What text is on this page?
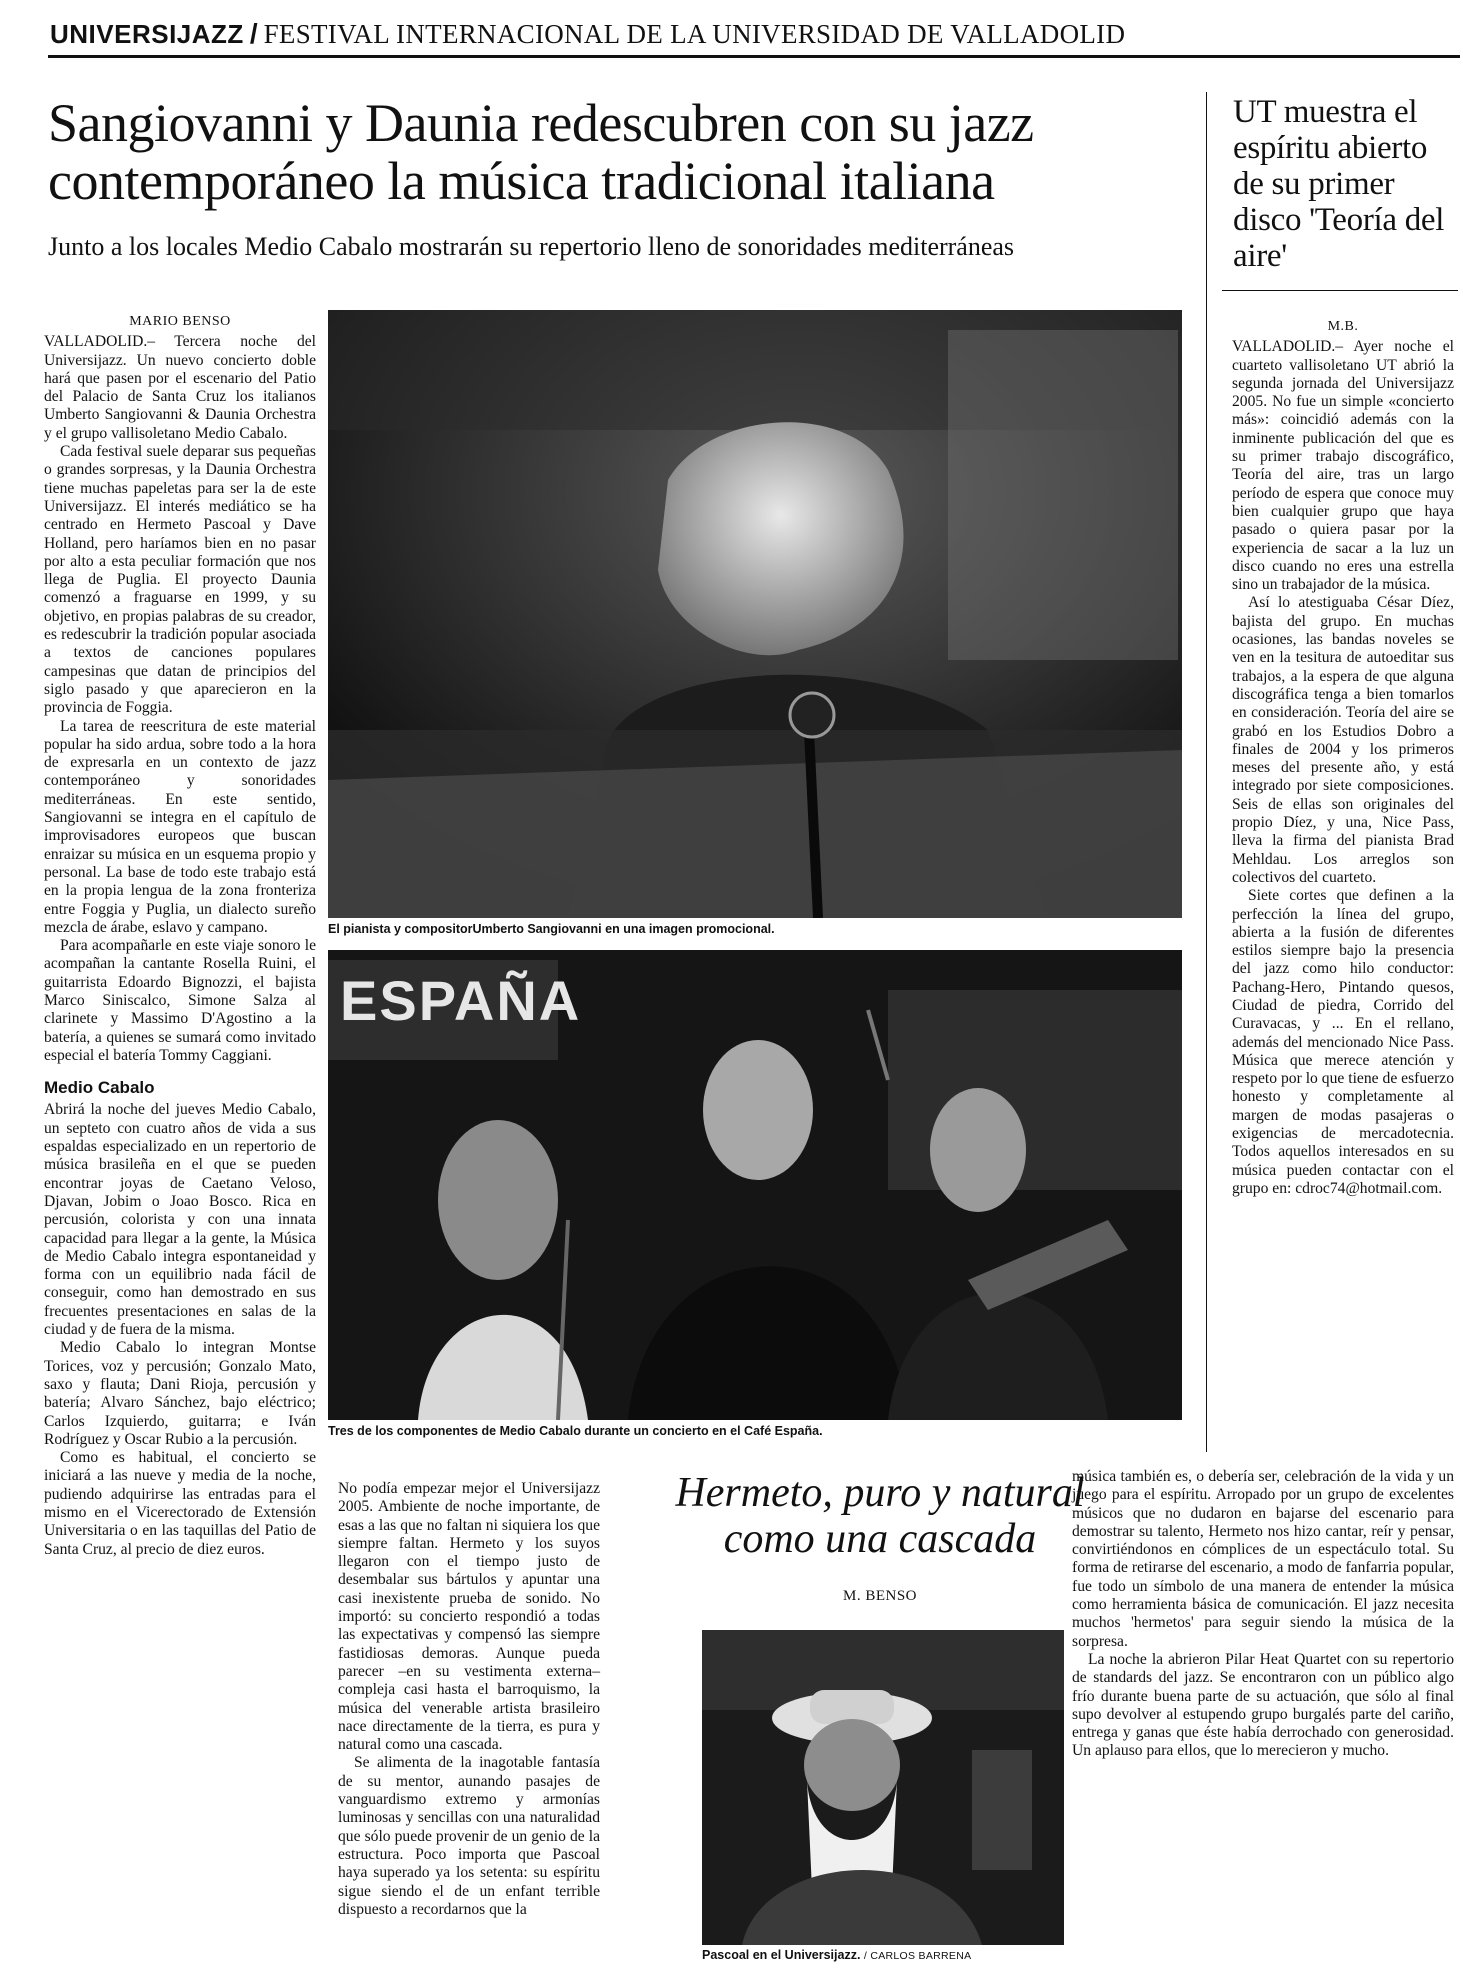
UNIVERSIJAZZ / FESTIVAL INTERNACIONAL DE LA UNIVERSIDAD DE VALLADOLID
Sangiovanni y Daunia redescubren con su jazz
contemporáneo la música tradicional italiana
Junto a los locales Medio Cabalo mostrarán su repertorio lleno de sonoridades mediterráneas
UT muestra el espíritu abierto de su primer disco 'Teoría del aire'
MARIO BENSO

VALLADOLID.– Tercera noche del Universijazz. Un nuevo concierto doble hará que pasen por el escenario del Patio del Palacio de Santa Cruz los italianos Umberto Sangiovanni & Daunia Orchestra y el grupo vallisoletano Medio Cabalo.

Cada festival suele deparar sus pequeñas o grandes sorpresas, y la Daunia Orchestra tiene muchas papeletas para ser la de este Universijazz. El interés mediático se ha centrado en Hermeto Pascoal y Dave Holland, pero haríamos bien en no pasar por alto a esta peculiar formación que nos llega de Puglia. El proyecto Daunia comenzó a fraguarse en 1999, y su objetivo, en propias palabras de su creador, es redescubrir la tradición popular asociada a textos de canciones populares campesinas que datan de principios del siglo pasado y que aparecieron en la provincia de Foggia.

La tarea de reescritura de este material popular ha sido ardua, sobre todo a la hora de expresarla en un contexto de jazz contemporáneo y sonoridades mediterráneas. En este sentido, Sangiovanni se integra en el capítulo de improvisadores europeos que buscan enraizar su música en un esquema propio y personal. La base de todo este trabajo está en la propia lengua de la zona fronteriza entre Foggia y Puglia, un dialecto sureño mezcla de árabe, eslavo y campano.

Para acompañarle en este viaje sonoro le acompañan la cantante Rosella Ruini, el guitarrista Edoardo Bignozzi, el bajista Marco Siniscalco, Simone Salza al clarinete y Massimo D'Agostino a la batería, a quienes se sumará como invitado especial el batería Tommy Caggiani.

Medio Cabalo

Abrirá la noche del jueves Medio Cabalo, un septeto con cuatro años de vida a sus espaldas especializado en un repertorio de música brasileña en el que se pueden encontrar joyas de Caetano Veloso, Djavan, Jobim o Joao Bosco. Rica en percusión, colorista y con una innata capacidad para llegar a la gente, la Música de Medio Cabalo integra espontaneidad y forma con un equilibrio nada fácil de conseguir, como han demostrado en sus frecuentes presentaciones en salas de la ciudad y de fuera de la misma.

Medio Cabalo lo integran Montse Torices, voz y percusión; Gonzalo Mato, saxo y flauta; Dani Rioja, percusión y batería; Alvaro Sánchez, bajo eléctrico; Carlos Izquierdo, guitarra; e Iván Rodríguez y Oscar Rubio a la percusión.

Como es habitual, el concierto se iniciará a las nueve y media de la noche, pudiendo adquirirse las entradas para el mismo en el Vicerectorado de Extensión Universitaria o en las taquillas del Patio de Santa Cruz, al precio de diez euros.

El pianista y compositorUmberto Sangiovanni en una imagen promocional.
ESPAÑA
Tres de los componentes de Medio Cabalo durante un concierto en el Café España.
M.B.

VALLADOLID.– Ayer noche el cuarteto vallisoletano UT abrió la segunda jornada del Universijazz 2005. No fue un simple «concierto más»: coincidió además con la inminente publicación del que es su primer trabajo discográfico, Teoría del aire, tras un largo período de espera que conoce muy bien cualquier grupo que haya pasado o quiera pasar por la experiencia de sacar a la luz un disco cuando no eres una estrella sino un trabajador de la música.

Así lo atestiguaba César Díez, bajista del grupo. En muchas ocasiones, las bandas noveles se ven en la tesitura de autoeditar sus trabajos, a la espera de que alguna discográfica tenga a bien tomarlos en consideración. Teoría del aire se grabó en los Estudios Dobro a finales de 2004 y los primeros meses del presente año, y está integrado por siete composiciones. Seis de ellas son originales del propio Díez, y una, Nice Pass, lleva la firma del pianista Brad Mehldau. Los arreglos son colectivos del cuarteto.

Siete cortes que definen a la perfección la línea del grupo, abierta a la fusión de diferentes estilos siempre bajo la presencia del jazz como hilo conductor: Pachang-Hero, Pintando quesos, Ciudad de piedra, Corrido del Curavacas, y ... En el rellano, además del mencionado Nice Pass. Música que merece atención y respeto por lo que tiene de esfuerzo honesto y completamente al margen de modas pasajeras o exigencias de mercadotecnia. Todos aquellos interesados en su música pueden contactar con el grupo en: cdroc74@hotmail.com.

No podía empezar mejor el Universijazz 2005. Ambiente de noche importante, de esas a las que no faltan ni siquiera los que siempre faltan. Hermeto y los suyos llegaron con el tiempo justo de desembalar sus bártulos y apuntar una casi inexistente prueba de sonido. No importó: su concierto respondió a todas las expectativas y compensó las siempre fastidiosas demoras. Aunque pueda parecer –en su vestimenta externa– compleja casi hasta el barroquismo, la música del venerable artista brasileiro nace directamente de la tierra, es pura y natural como una cascada.

Se alimenta de la inagotable fantasía de su mentor, aunando pasajes de vanguardismo extremo y armonías luminosas y sencillas con una naturalidad que sólo puede provenir de un genio de la estructura. Poco importa que Pascoal haya superado ya los setenta: su espíritu sigue siendo el de un enfant terrible dispuesto a recordarnos que la

Hermeto, puro y natural
como una cascada
M. BENSO
Pascoal en el Universijazz. / CARLOS BARRENA

música también es, o debería ser, celebración de la vida y un juego para el espíritu. Arropado por un grupo de excelentes músicos que no dudaron en bajarse del escenario para demostrar su talento, Hermeto nos hizo cantar, reír y pensar, convirtiéndonos en cómplices de un espectáculo total. Su forma de retirarse del escenario, a modo de fanfarria popular, fue todo un símbolo de una manera de entender la música como herramienta básica de comunicación. El jazz necesita muchos 'hermetos' para seguir siendo la música de la sorpresa.

La noche la abrieron Pilar Heat Quartet con su repertorio de standards del jazz. Se encontraron con un público algo frío durante buena parte de su actuación, que sólo al final supo devolver al estupendo grupo burgalés parte del cariño, entrega y ganas que éste había derrochado con generosidad. Un aplauso para ellos, que lo merecieron y mucho.
